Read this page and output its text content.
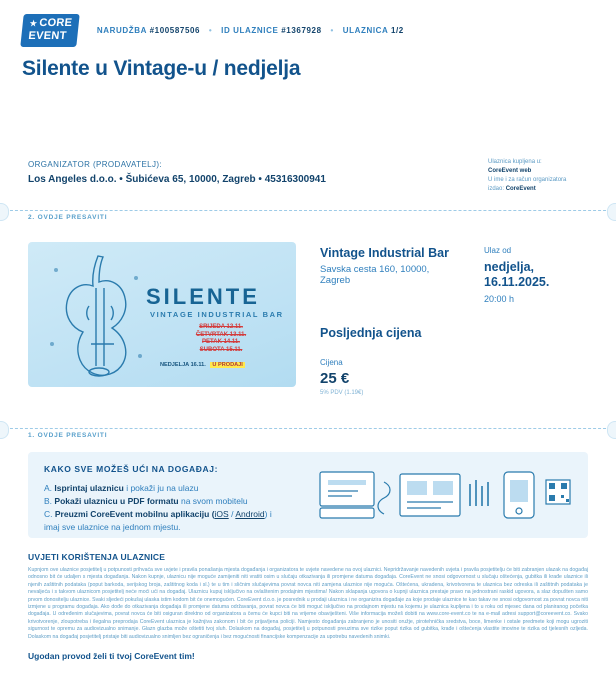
★CORE
EVENT	NARUDŽBA #100587506 • ID ULAZNICE #1367928 • ULAZNICA 1/2
Silente u Vintage-u / nedjelja
ORGANIZATOR (PRODAVATELJ):
Los Angeles d.o.o. • Šubićeva 65, 10000, Zagreb • 45316300941
Ulaznica kupljena u:
CoreEvent web
U ime i za račun organizatora
izdao: CoreEvent
2. OVDJE PRESAVITI
SILENTE
VINTAGE INDUSTRIAL BAR
SRIJEDA 12.11.
ČETVRTAK 13.11.
PETAK 14.11.
SUBOTA 15.11.
NEDJELJA 16.11. U PRODAJI
Vintage Industrial Bar
Savska cesta 160, 10000, Zagreb
Posljednja cijena
Cijena
25 €
5% PDV (1.19€)
Ulaz od
nedjelja,
16.11.2025.
20:00 h
1. OVDJE PRESAVITI
KAKO SVE MOŽEŠ UĆI NA DOGAĐAJ:
A. Isprintaj ulaznicu i pokaži ju na ulazu
B. Pokaži ulaznicu u PDF formatu na svom mobitelu
C. Preuzmi CoreEvent mobilnu aplikaciju (iOS / Android) i
imaj sve ulaznice na jednom mjestu.
UVJETI KORIŠTENJA ULAZNICE

Kupnjom ove ulaznice posjetitelj u potpunosti prihvaća sve uvjete i pravila ponašanja mjesta događanja i organizatora te uvjete navedene na ovoj ulaznici. Nepridržavanje navedenih uvjeta i pravila posjetitelju će biti zabranjen ulazak na događaj odnosno bit će udaljen s mjesta događanja. Nakon kupnje, ulaznicu nije moguće zamijeniti niti vratiti osim u slučaju otkazivanja ili promjene datuma događaja. CoreEvent ne snosi odgovornost u slučaju oštećenja, gubitka ili krađe ulaznice ili njenih zaštitnih podataka (poput barkoda, serijskog broja, zaštitnog koda i sl.) te u tim i sličnim slučajevima povrat novca niti zamjena ulaznice nije moguća. Oštećena, ukradena, krivotvorena te ulaznica bez odreska ili zaštitnih podataka je nevaljeća i s takvom ulaznicom posjetitelj neće moći ući na događaj. Ulaznicu kupuj isključivo na ovlaštenim prodajnim mjestima! Nakon sklapanja ugovora o kupnji ulaznica prestaje pravo na jednostrani raskid ugovora, a slaz dopušten samo prvom donositelju ulaznice. Svaki sljedeći pokušaj ulaska istim kodom bit će onemogućen. CoreEvent d.o.o. je posrednik u prodaji ulaznica i ne organizira događaje za koje prodaje ulaznice te kao takav ne snosi odgovornost za povrat novca niti izmjene u programu događaja. Ako dođe do otkazivanja događaja ili promjene datuma održavanja, povrat novca će biti moguć isključivo na prodajnom mjestu na kojemu je ulaznica kupljena i to u roku od mjesec dana od planiranog početka događaja. U određenim slučajevima, povrat novca će biti osiguran direktno od organizatora a čemu će kupci biti na vrijeme obaviješteni. Više informacija možeš dobiti na www.core-event.co te na e-mail adresi support@coreevent.co. Svako krivotvorenje, zloupotreba i ilegalna preprodaja CoreEvent ulaznica je kažnjiva zakonom i bit će prijavljena policiji. Namjesto događanja zabranjeno je unositi oružje, pirotehnička sredstva, boce, limenke i ostale predmete koji mogu ugroziti sigurnost te opremu za audiovizualno snimanje. Glazn glazba može oštetiti tvoj sluh. Dolaskom na događaj, posjetitelj u potpunosti preuzima sve rizike poput rizika od gubitka, krađe i oštećenja vlastite imovine te rizika od tjelesnih ozljeda. Dolaskom na događaj posjetitelj pristaje biti audiovizualno snimljen bez ograničenja i bez mogućnosti financijske kompenzacije za upotrebu navedenih snimki.

Ugodan provod želi ti tvoj CoreEvent tim!
